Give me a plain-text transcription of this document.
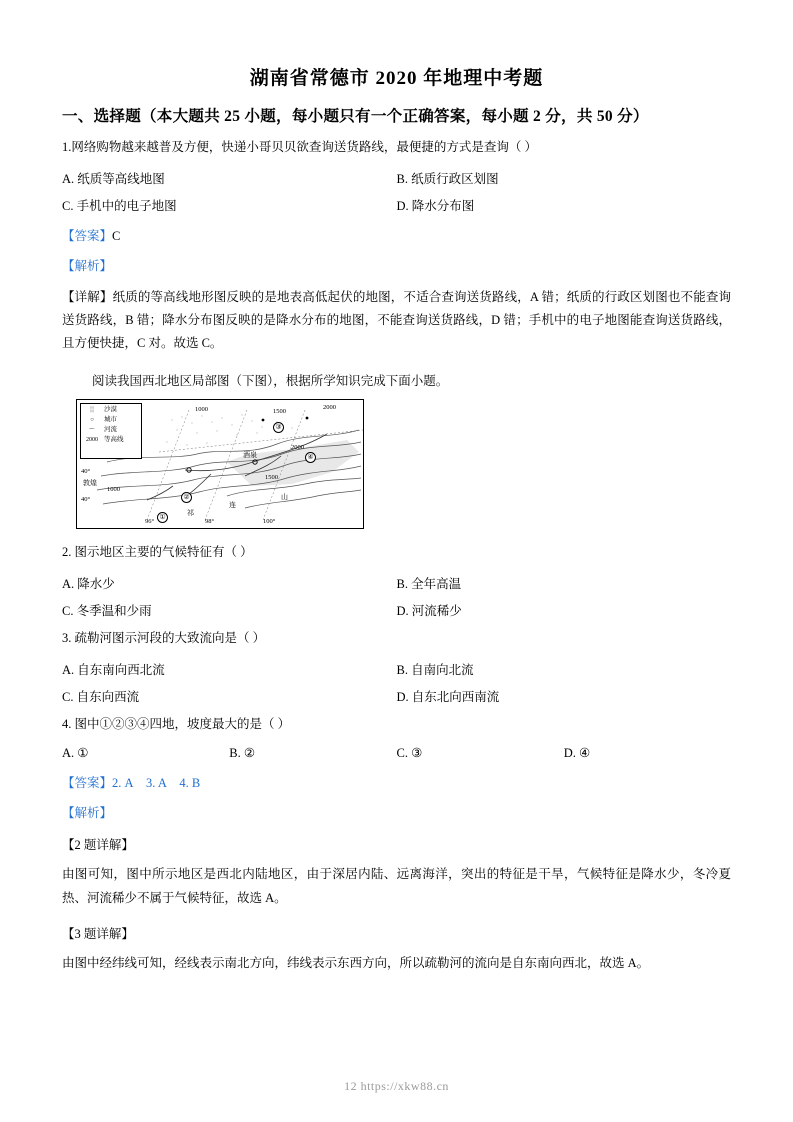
湖南省常德市 2020 年地理中考题
一、选择题（本大题共 25 小题，每小题只有一个正确答案，每小题 2 分，共 50 分）
1.网络购物越来越普及方便，快递小哥贝贝欲查询送货路线，最便捷的方式是查询（ ）
A. 纸质等高线地图	B. 纸质行政区划图
C. 手机中的电子地图	D. 降水分布图
【答案】C
【解析】
【详解】纸质的等高线地形图反映的是地表高低起伏的地图，不适合查询送货路线，A 错；纸质的行政区划图也不能查询送货路线，B 错；降水分布图反映的是降水分布的地图，不能查询送货路线，D 错；手机中的电子地图能查询送货路线，且方便快捷，C 对。故选 C。
阅读我国西北地区局部图（下图），根据所学知识完成下面小题。
░	沙漠
○	城市
〜	河流
2000 等高线
1000	1500
2000
2000
1500
1000
40°
40°
敦煌
酒泉
祁
连
山
96°	98°	100°
①
②
③
④
2. 图示地区主要的气候特征有（ ）
A. 降水少	B. 全年高温
C. 冬季温和少雨	D. 河流稀少
3. 疏勒河图示河段的大致流向是（ ）
A. 自东南向西北流	B. 自南向北流
C. 自东向西流	D. 自东北向西南流
4. 图中①②③④四地，坡度最大的是（ ）
A. ①	B. ②	C. ③	D. ④
【答案】2. A 3. A 4. B
【解析】
【2 题详解】
由图可知，图中所示地区是西北内陆地区，由于深居内陆、远离海洋，突出的特征是干旱，气候特征是降水少，冬冷夏热、河流稀少不属于气候特征，故选 A。
【3 题详解】
由图中经纬线可知，经线表示南北方向，纬线表示东西方向，所以疏勒河的流向是自东南向西北，故选 A。
12 https://xkw88.cn
